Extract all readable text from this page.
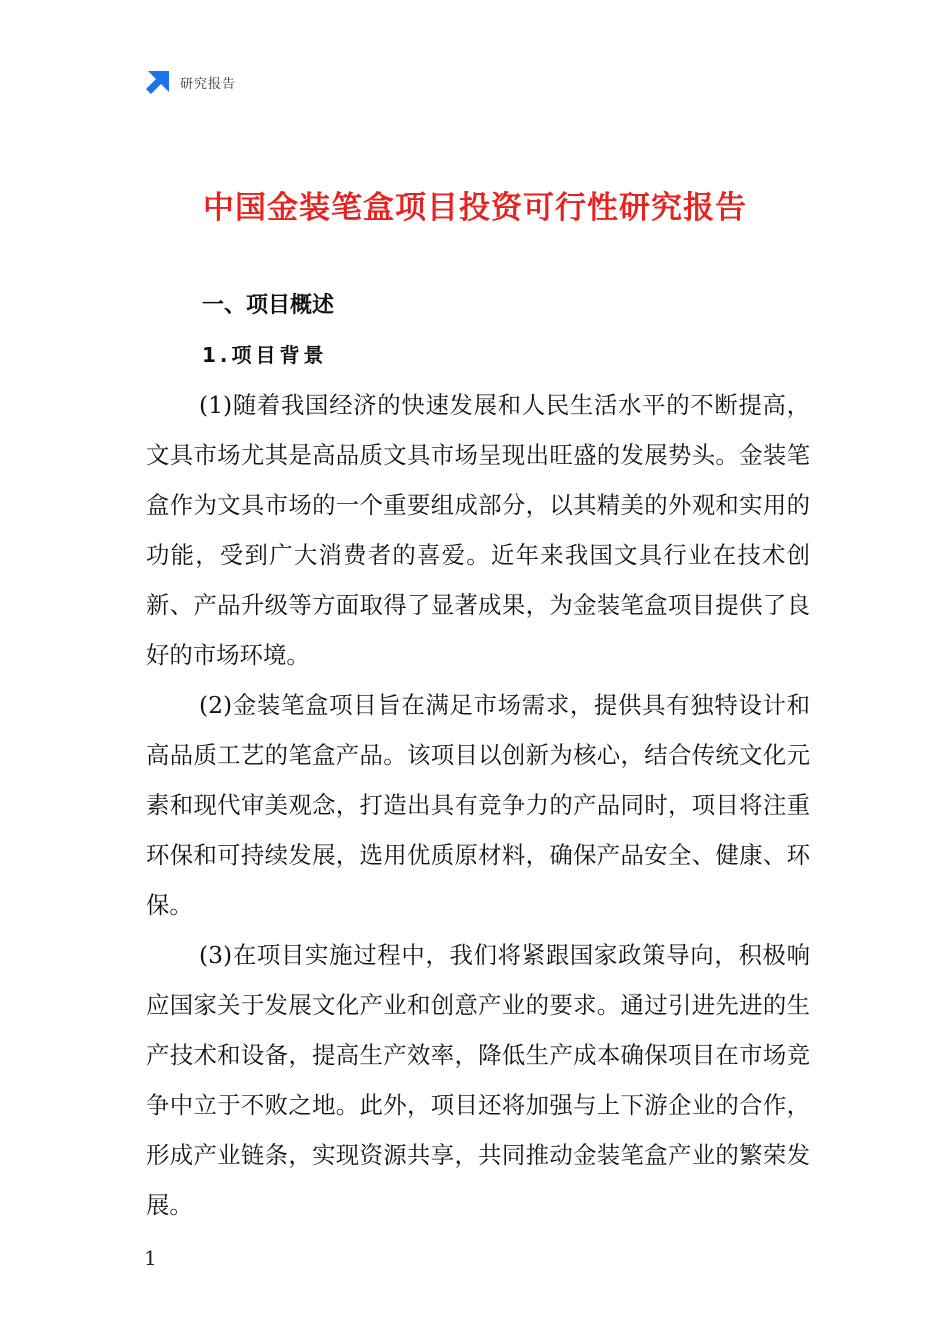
研究报告
中国金装笔盒项目投资可行性研究报告
一、项目概述
1.项目背景

(1)随着我国经济的快速发展和人民生活水平的不断提高，文具市场尤其是高品质文具市场呈现出旺盛的发展势头。金装笔盒作为文具市场的一个重要组成部分，以其精美的外观和实用的功能，受到广大消费者的喜爱。近年来我国文具行业在技术创新、产品升级等方面取得了显著成果，为金装笔盒项目提供了良好的市场环境。

(2)金装笔盒项目旨在满足市场需求，提供具有独特设计和高品质工艺的笔盒产品。该项目以创新为核心，结合传统文化元素和现代审美观念，打造出具有竞争力的产品同时，项目将注重环保和可持续发展，选用优质原材料，确保产品安全、健康、环保。

(3)在项目实施过程中，我们将紧跟国家政策导向，积极响应国家关于发展文化产业和创意产业的要求。通过引进先进的生产技术和设备，提高生产效率，降低生产成本确保项目在市场竞争中立于不败之地。此外，项目还将加强与上下游企业的合作，形成产业链条，实现资源共享，共同推动金装笔盒产业的繁荣发展。

1
